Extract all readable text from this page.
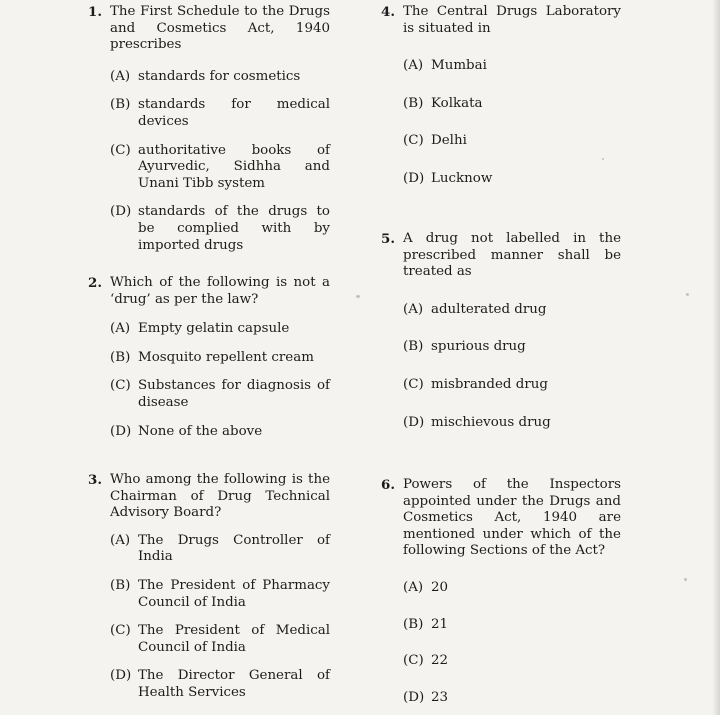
1. The First Schedule to the Drugs and Cosmetics Act, 1940 prescribes
(A) standards for cosmetics
(B) standards for medical devices
(C) authoritative books of Ayurvedic, Sidhha and Unani Tibb system
(D) standards of the drugs to be complied with by imported drugs
2. Which of the following is not a ‘drug’ as per the law?
(A) Empty gelatin capsule
(B) Mosquito repellent cream
(C) Substances for diagnosis of disease
(D) None of the above
3. Who among the following is the Chairman of Drug Technical Advisory Board?
(A) The Drugs Controller of India
(B) The President of Pharmacy Council of India
(C) The President of Medical Council of India
(D) The Director General of Health Services
4. The Central Drugs Laboratory is situated in
(A) Mumbai
(B) Kolkata
(C) Delhi
(D) Lucknow
5. A drug not labelled in the prescribed manner shall be treated as
(A) adulterated drug
(B) spurious drug
(C) misbranded drug
(D) mischievous drug
6. Powers of the Inspectors appointed under the Drugs and Cosmetics Act, 1940 are mentioned under which of the following Sections of the Act?
(A) 20
(B) 21
(C) 22
(D) 23
